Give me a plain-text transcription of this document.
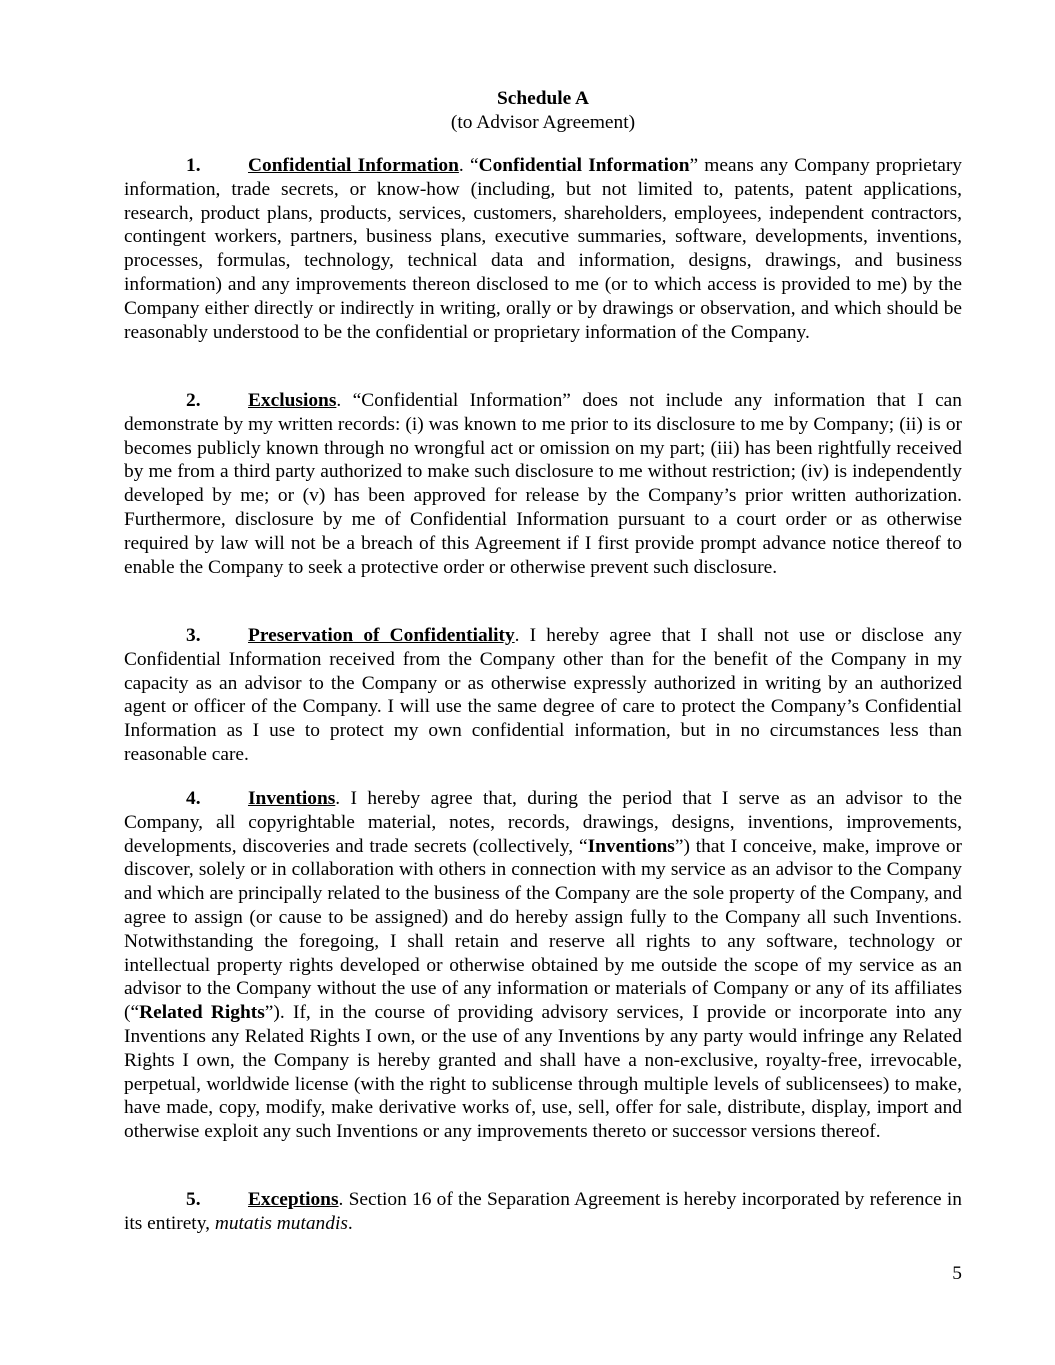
Schedule A
(to Advisor Agreement)

1. Confidential Information. “Confidential Information” means any Company proprietary information, trade secrets, or know-how (including, but not limited to, patents, patent applications, research, product plans, products, services, customers, shareholders, employees, independent contractors, contingent workers, partners, business plans, executive summaries, software, developments, inventions, processes, formulas, technology, technical data and information, designs, drawings, and business information) and any improvements thereon disclosed to me (or to which access is provided to me) by the Company either directly or indirectly in writing, orally or by drawings or observation, and which should be reasonably understood to be the confidential or proprietary information of the Company.

2. Exclusions. “Confidential Information” does not include any information that I can demonstrate by my written records: (i) was known to me prior to its disclosure to me by Company; (ii) is or becomes publicly known through no wrongful act or omission on my part; (iii) has been rightfully received by me from a third party authorized to make such disclosure to me without restriction; (iv) is independently developed by me; or (v) has been approved for release by the Company’s prior written authorization. Furthermore, disclosure by me of Confidential Information pursuant to a court order or as otherwise required by law will not be a breach of this Agreement if I first provide prompt advance notice thereof to enable the Company to seek a protective order or otherwise prevent such disclosure.

3. Preservation of Confidentiality. I hereby agree that I shall not use or disclose any Confidential Information received from the Company other than for the benefit of the Company in my capacity as an advisor to the Company or as otherwise expressly authorized in writing by an authorized agent or officer of the Company. I will use the same degree of care to protect the Company’s Confidential Information as I use to protect my own confidential information, but in no circumstances less than reasonable care.

4. Inventions. I hereby agree that, during the period that I serve as an advisor to the Company, all copyrightable material, notes, records, drawings, designs, inventions, improvements, developments, discoveries and trade secrets (collectively, “Inventions”) that I conceive, make, improve or discover, solely or in collaboration with others in connection with my service as an advisor to the Company and which are principally related to the business of the Company are the sole property of the Company, and agree to assign (or cause to be assigned) and do hereby assign fully to the Company all such Inventions. Notwithstanding the foregoing, I shall retain and reserve all rights to any software, technology or intellectual property rights developed or otherwise obtained by me outside the scope of my service as an advisor to the Company without the use of any information or materials of Company or any of its affiliates (“Related Rights”). If, in the course of providing advisory services, I provide or incorporate into any Inventions any Related Rights I own, or the use of any Inventions by any party would infringe any Related Rights I own, the Company is hereby granted and shall have a non-exclusive, royalty-free, irrevocable, perpetual, worldwide license (with the right to sublicense through multiple levels of sublicensees) to make, have made, copy, modify, make derivative works of, use, sell, offer for sale, distribute, display, import and otherwise exploit any such Inventions or any improvements thereto or successor versions thereof.

5. Exceptions. Section 16 of the Separation Agreement is hereby incorporated by reference in its entirety, mutatis mutandis.

5
